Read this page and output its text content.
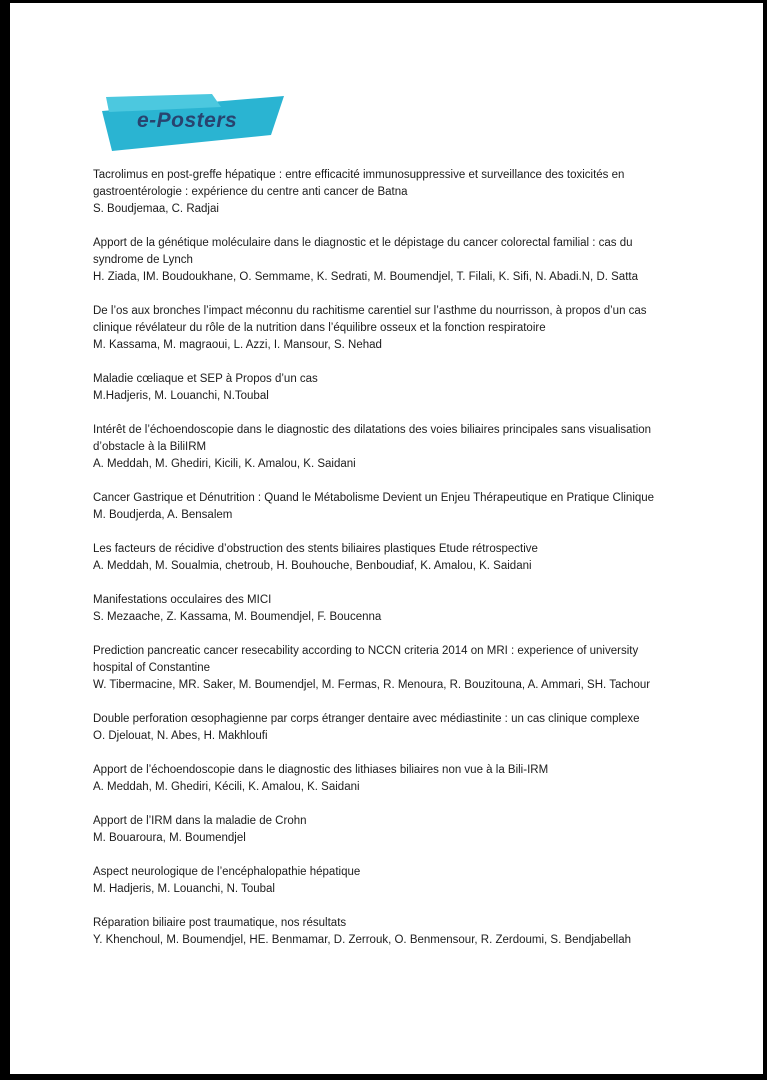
e-Posters

Tacrolimus en post-greffe hépatique : entre efficacité immunosuppressive et surveillance des toxicités en gastroentérologie : expérience du centre anti cancer de Batna

S. Boudjemaa, C. Radjai

Apport de la génétique moléculaire dans le diagnostic et le dépistage du cancer colorectal familial : cas du syndrome de Lynch

H. Ziada, IM. Boudoukhane, O. Semmame, K. Sedrati, M. Boumendjel, T. Filali, K. Sifi, N. Abadi.N, D. Satta

De l’os aux bronches l’impact méconnu du rachitisme carentiel sur l’asthme du nourrisson, à propos d’un cas clinique révélateur du rôle de la nutrition dans l’équilibre osseux et la fonction respiratoire

M. Kassama, M. magraoui, L. Azzi, I. Mansour, S. Nehad

Maladie cœliaque et SEP à Propos d’un cas

M.Hadjeris, M. Louanchi, N.Toubal

Intérêt de l’échoendoscopie dans le diagnostic des dilatations des voies biliaires principales sans visualisation d’obstacle à la BiliIRM

A. Meddah, M. Ghediri, Kicili, K. Amalou, K. Saidani

Cancer Gastrique et Dénutrition : Quand le Métabolisme Devient un Enjeu Thérapeutique en Pratique Clinique

M. Boudjerda, A. Bensalem

Les facteurs de récidive d’obstruction des stents biliaires plastiques Etude rétrospective

A. Meddah, M. Soualmia, chetroub, H. Bouhouche, Benboudiaf, K. Amalou, K. Saidani

Manifestations occulaires des MICI

S. Mezaache, Z. Kassama, M. Boumendjel, F. Boucenna

Prediction pancreatic cancer resecability according to NCCN criteria 2014 on MRI : experience of university hospital of Constantine

W. Tibermacine, MR. Saker, M. Boumendjel, M. Fermas, R. Menoura, R. Bouzitouna, A. Ammari, SH. Tachour

Double perforation œsophagienne par corps étranger dentaire avec médiastinite : un cas clinique complexe

O. Djelouat, N. Abes, H. Makhloufi

Apport de l’échoendoscopie dans le diagnostic des lithiases biliaires non vue à la Bili-IRM

A. Meddah, M. Ghediri, Kécili, K. Amalou, K. Saidani

Apport de l’IRM dans la maladie de Crohn

M. Bouaroura, M. Boumendjel

Aspect neurologique de l’encéphalopathie hépatique

M. Hadjeris, M. Louanchi, N. Toubal

Réparation biliaire post traumatique, nos résultats

Y. Khenchoul, M. Boumendjel, HE. Benmamar, D. Zerrouk, O. Benmensour, R. Zerdoumi, S. Bendjabellah
